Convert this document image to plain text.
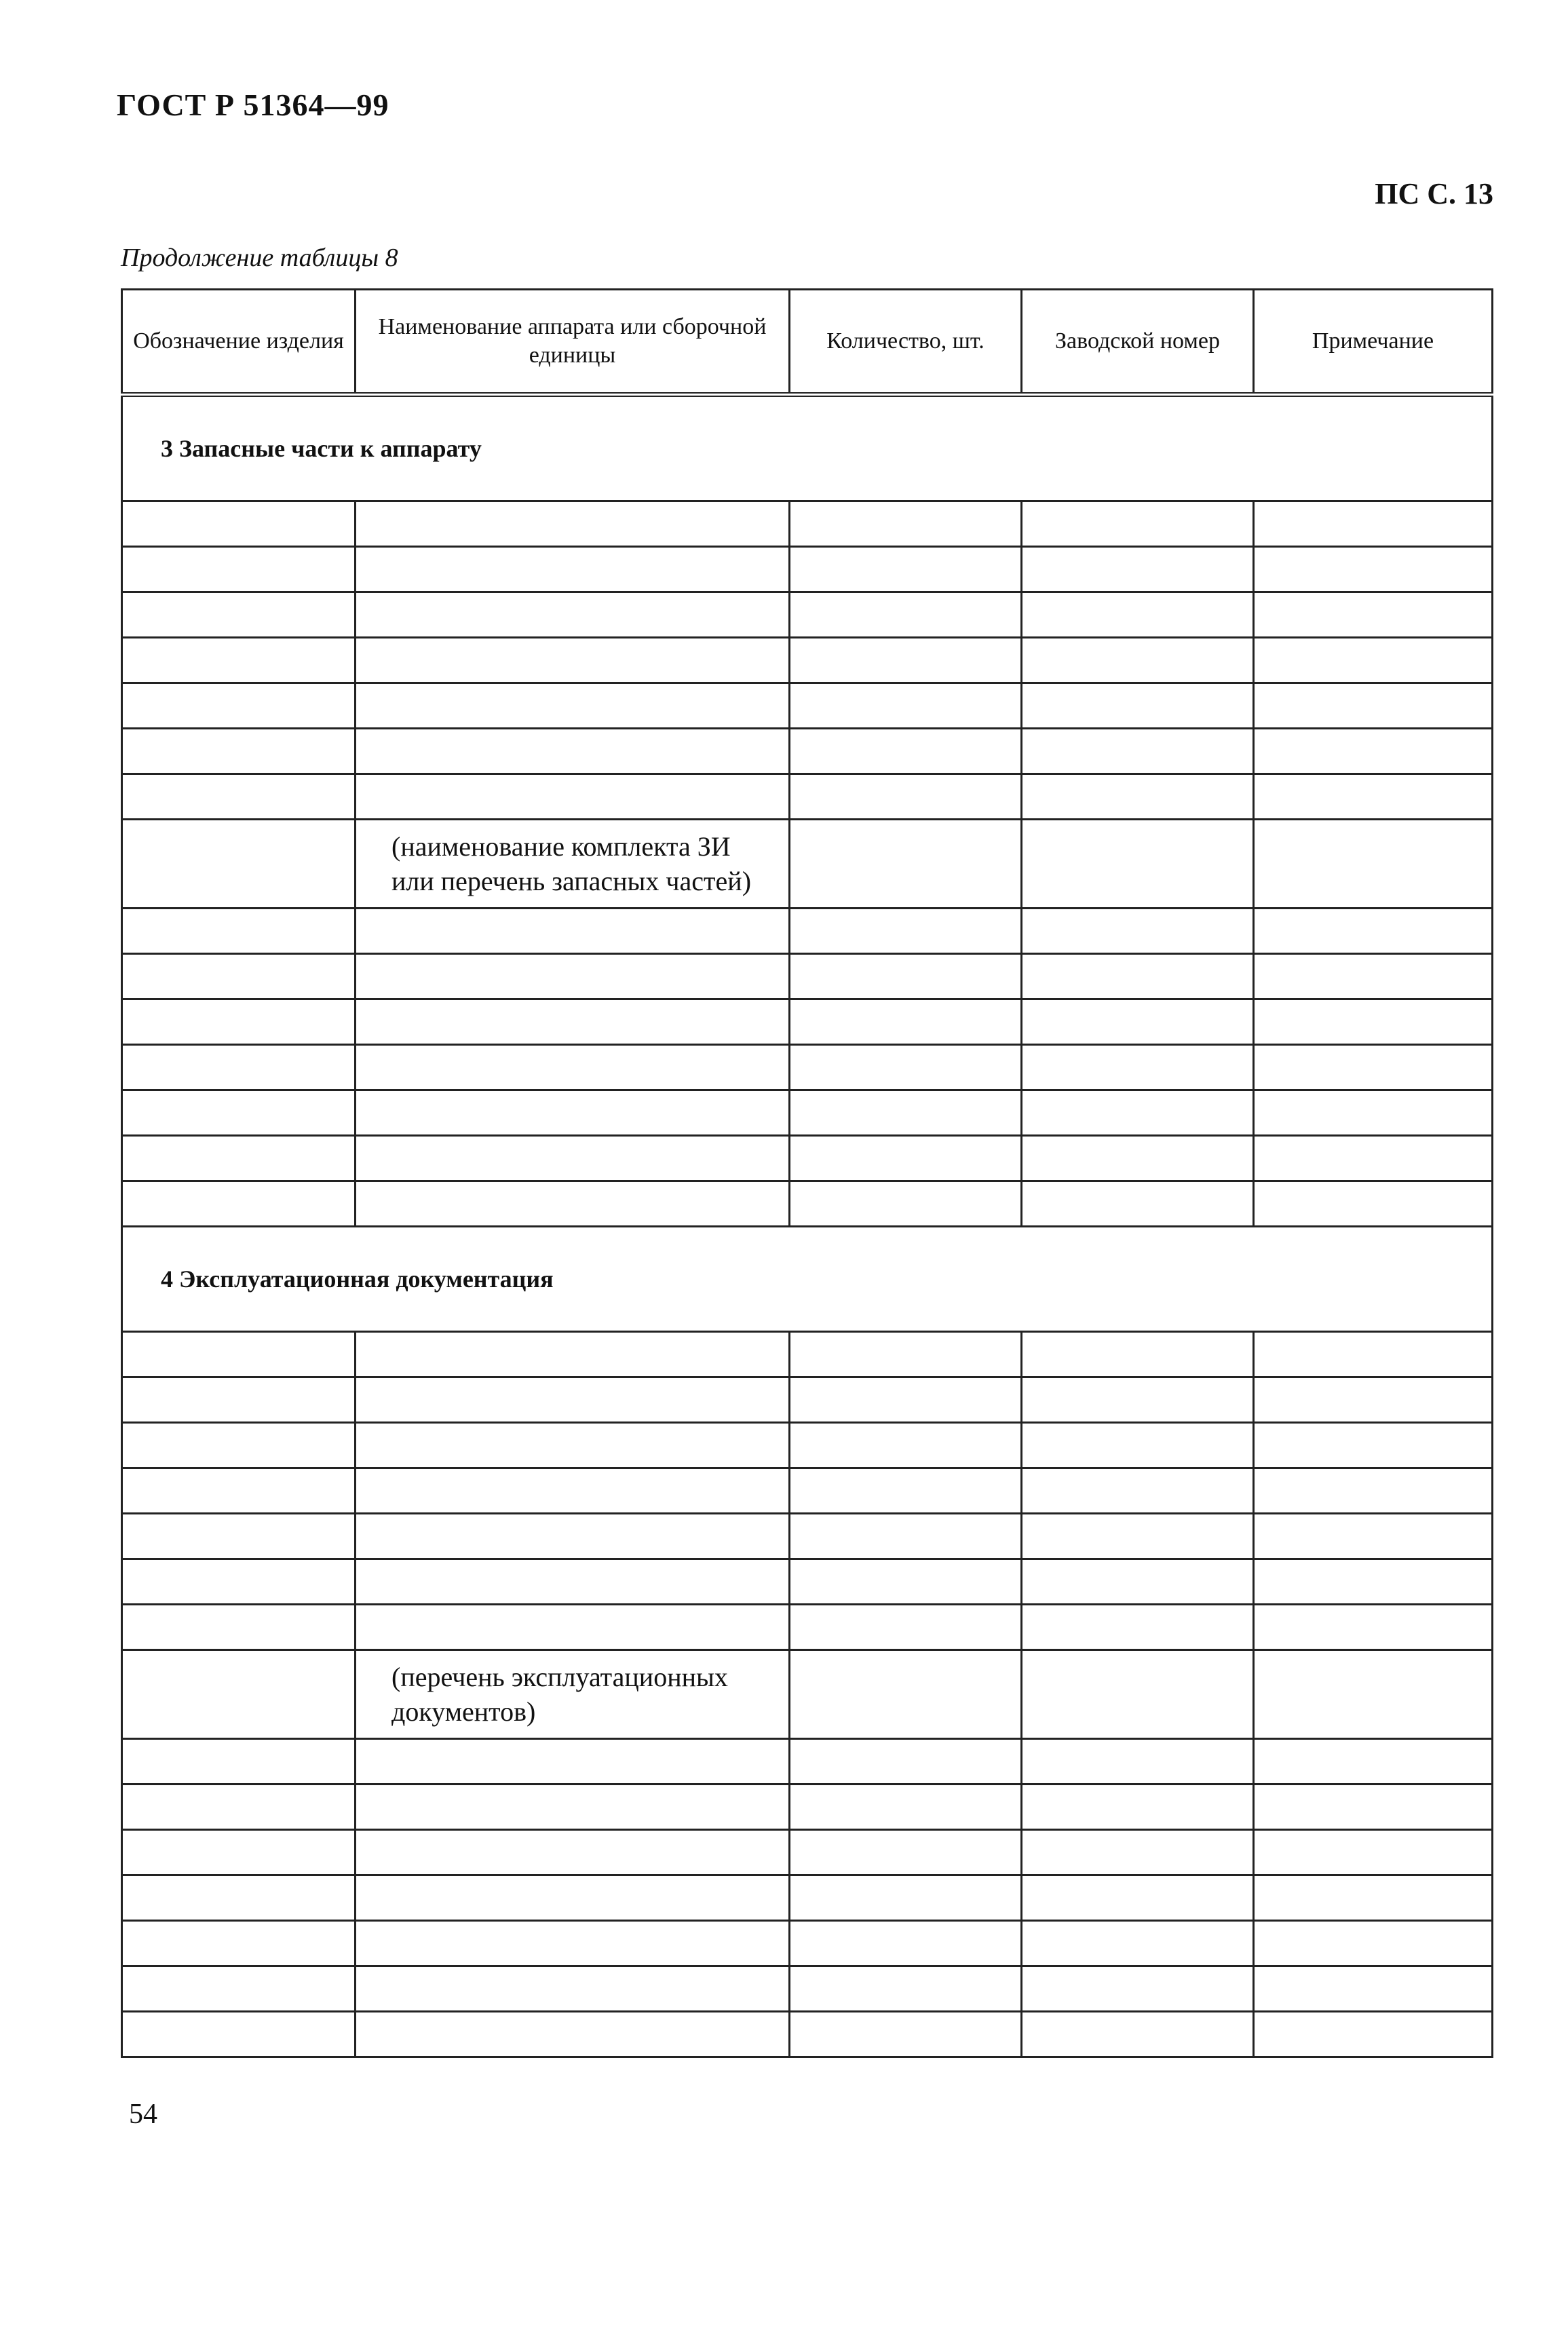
ГОСТ Р 51364—99
ПС С. 13
Продолжение таблицы 8
Обозначение изделия	Наименование аппарата или сборочной единицы	Количество, шт.	Заводской номер	Примечание
3 Запасные части к аппарату				

	(наименование комплекта ЗИ
или перечень запасных частей)			

4 Эксплуатационная документация				

	(перечень эксплуатационных
документов)			

54
